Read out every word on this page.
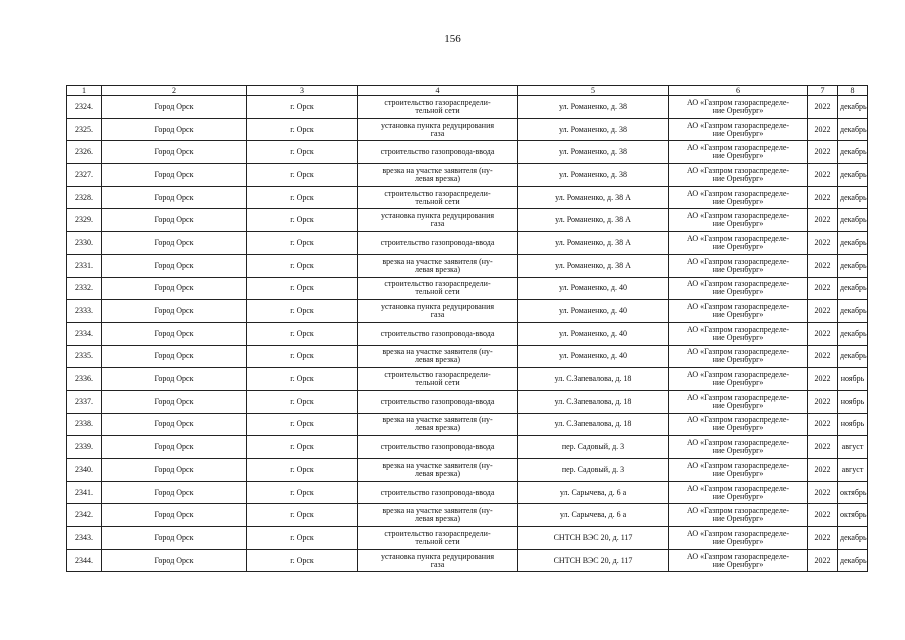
156
1	2	3	4	5	6	7	8
2324.	Город Орск	г. Орск	строительство газораспредели-
тельной сети	ул. Романенко, д. 38	АО «Газпром газораспределе-
ние Оренбург»	2022	декабрь
2325.	Город Орск	г. Орск	установка пункта редуцирования
газа	ул. Романенко, д. 38	АО «Газпром газораспределе-
ние Оренбург»	2022	декабрь
2326.	Город Орск	г. Орск	строительство газопровода-ввода	ул. Романенко, д. 38	АО «Газпром газораспределе-
ние Оренбург»	2022	декабрь
2327.	Город Орск	г. Орск	врезка на участке заявителя (ну-
левая врезка)	ул. Романенко, д. 38	АО «Газпром газораспределе-
ние Оренбург»	2022	декабрь
2328.	Город Орск	г. Орск	строительство газораспредели-
тельной сети	ул. Романенко, д. 38 А	АО «Газпром газораспределе-
ние Оренбург»	2022	декабрь
2329.	Город Орск	г. Орск	установка пункта редуцирования
газа	ул. Романенко, д. 38 А	АО «Газпром газораспределе-
ние Оренбург»	2022	декабрь
2330.	Город Орск	г. Орск	строительство газопровода-ввода	ул. Романенко, д. 38 А	АО «Газпром газораспределе-
ние Оренбург»	2022	декабрь
2331.	Город Орск	г. Орск	врезка на участке заявителя (ну-
левая врезка)	ул. Романенко, д. 38 А	АО «Газпром газораспределе-
ние Оренбург»	2022	декабрь
2332.	Город Орск	г. Орск	строительство газораспредели-
тельной сети	ул. Романенко, д. 40	АО «Газпром газораспределе-
ние Оренбург»	2022	декабрь
2333.	Город Орск	г. Орск	установка пункта редуцирования
газа	ул. Романенко, д. 40	АО «Газпром газораспределе-
ние Оренбург»	2022	декабрь
2334.	Город Орск	г. Орск	строительство газопровода-ввода	ул. Романенко, д. 40	АО «Газпром газораспределе-
ние Оренбург»	2022	декабрь
2335.	Город Орск	г. Орск	врезка на участке заявителя (ну-
левая врезка)	ул. Романенко, д. 40	АО «Газпром газораспределе-
ние Оренбург»	2022	декабрь
2336.	Город Орск	г. Орск	строительство газораспредели-
тельной сети	ул. С.Запевалова, д. 18	АО «Газпром газораспределе-
ние Оренбург»	2022	ноябрь
2337.	Город Орск	г. Орск	строительство газопровода-ввода	ул. С.Запевалова, д. 18	АО «Газпром газораспределе-
ние Оренбург»	2022	ноябрь
2338.	Город Орск	г. Орск	врезка на участке заявителя (ну-
левая врезка)	ул. С.Запевалова, д. 18	АО «Газпром газораспределе-
ние Оренбург»	2022	ноябрь
2339.	Город Орск	г. Орск	строительство газопровода-ввода	пер. Садовый, д. 3	АО «Газпром газораспределе-
ние Оренбург»	2022	август
2340.	Город Орск	г. Орск	врезка на участке заявителя (ну-
левая врезка)	пер. Садовый, д. 3	АО «Газпром газораспределе-
ние Оренбург»	2022	август
2341.	Город Орск	г. Орск	строительство газопровода-ввода	ул. Сарычева, д. 6 а	АО «Газпром газораспределе-
ние Оренбург»	2022	октябрь
2342.	Город Орск	г. Орск	врезка на участке заявителя (ну-
левая врезка)	ул. Сарычева, д. 6 а	АО «Газпром газораспределе-
ние Оренбург»	2022	октябрь
2343.	Город Орск	г. Орск	строительство газораспредели-
тельной сети	СНТСН ВЭС 20, д. 117	АО «Газпром газораспределе-
ние Оренбург»	2022	декабрь
2344.	Город Орск	г. Орск	установка пункта редуцирования
газа	СНТСН ВЭС 20, д. 117	АО «Газпром газораспределе-
ние Оренбург»	2022	декабрь
